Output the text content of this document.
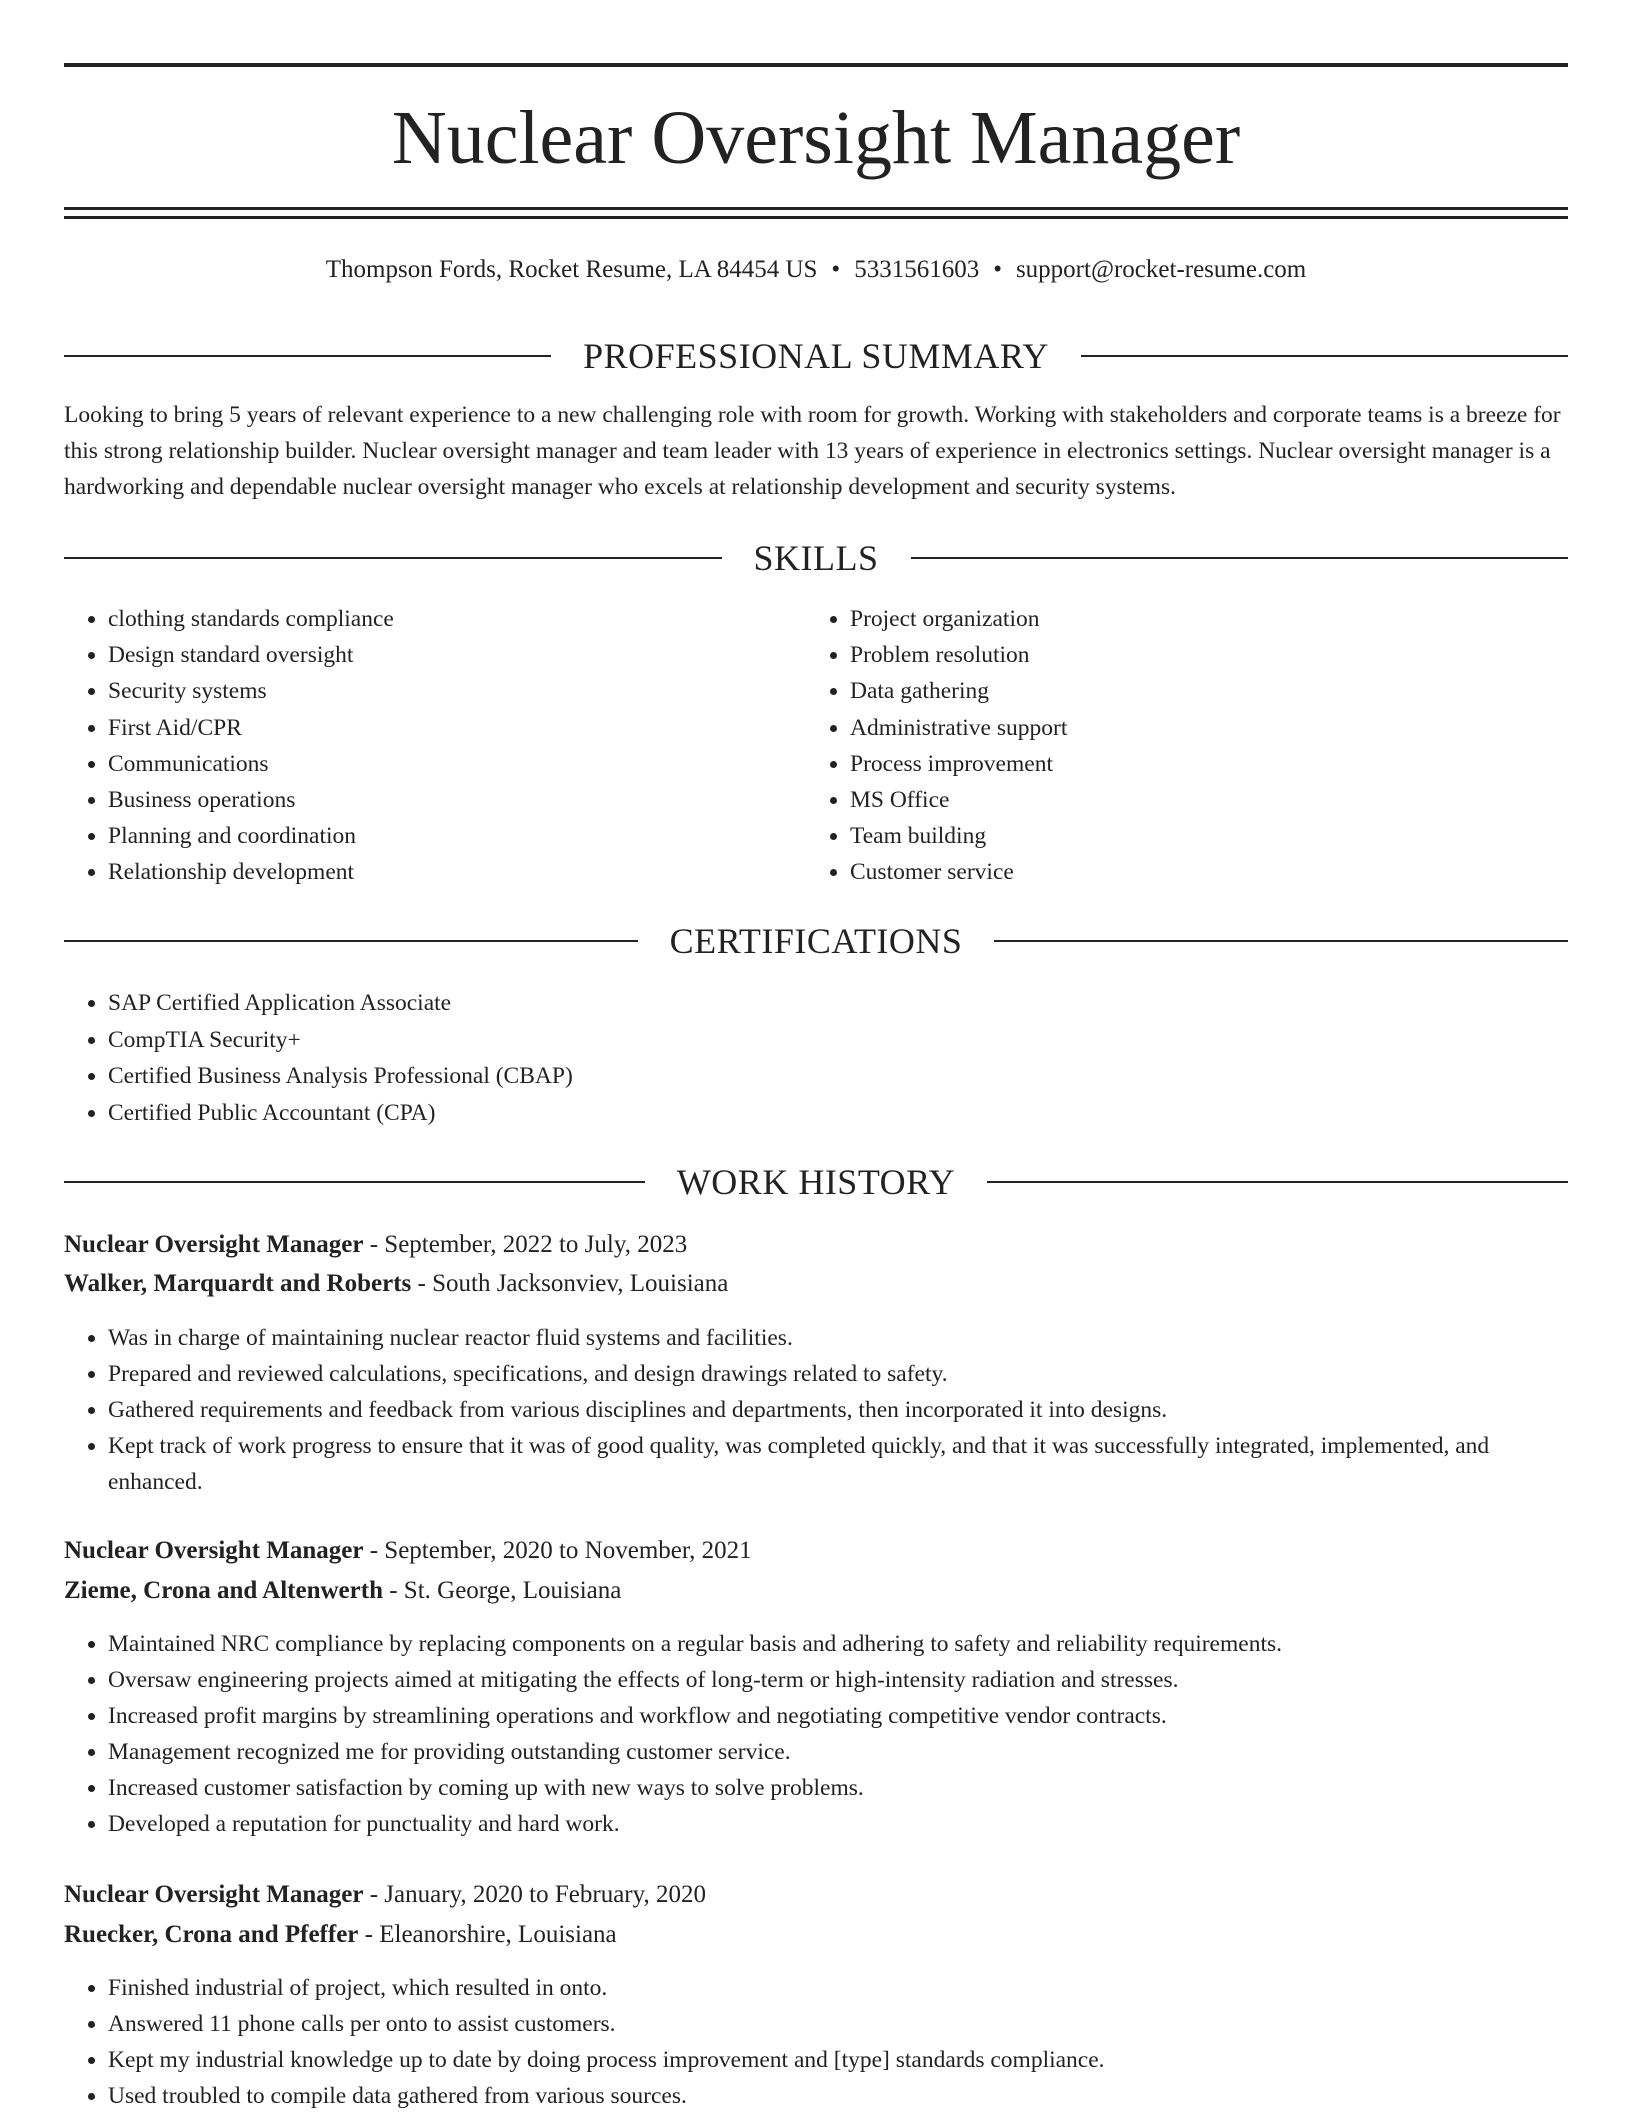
Nuclear Oversight Manager
Thompson Fords, Rocket Resume, LA 84454 US • 5331561603 • support@rocket-resume.com
PROFESSIONAL SUMMARY

Looking to bring 5 years of relevant experience to a new challenging role with room for growth. Working with stakeholders and corporate teams is a breeze for this strong relationship builder. Nuclear oversight manager and team leader with 13 years of experience in electronics settings. Nuclear oversight manager is a hardworking and dependable nuclear oversight manager who excels at relationship development and security systems.

SKILLS
• clothing standards compliance
• Design standard oversight
• Security systems
• First Aid/CPR
• Communications
• Business operations
• Planning and coordination
• Relationship development
• Project organization
• Problem resolution
• Data gathering
• Administrative support
• Process improvement
• MS Office
• Team building
• Customer service
CERTIFICATIONS
• SAP Certified Application Associate
• CompTIA Security+
• Certified Business Analysis Professional (CBAP)
• Certified Public Accountant (CPA)
WORK HISTORY
Nuclear Oversight Manager - September, 2022 to July, 2023
Walker, Marquardt and Roberts - South Jacksonviev, Louisiana
• Was in charge of maintaining nuclear reactor fluid systems and facilities.
• Prepared and reviewed calculations, specifications, and design drawings related to safety.
• Gathered requirements and feedback from various disciplines and departments, then incorporated it into designs.
• Kept track of work progress to ensure that it was of good quality, was completed quickly, and that it was successfully integrated, implemented, and enhanced.
Nuclear Oversight Manager - September, 2020 to November, 2021
Zieme, Crona and Altenwerth - St. George, Louisiana
• Maintained NRC compliance by replacing components on a regular basis and adhering to safety and reliability requirements.
• Oversaw engineering projects aimed at mitigating the effects of long-term or high-intensity radiation and stresses.
• Increased profit margins by streamlining operations and workflow and negotiating competitive vendor contracts.
• Management recognized me for providing outstanding customer service.
• Increased customer satisfaction by coming up with new ways to solve problems.
• Developed a reputation for punctuality and hard work.
Nuclear Oversight Manager - January, 2020 to February, 2020
Ruecker, Crona and Pfeffer - Eleanorshire, Louisiana
• Finished industrial of project, which resulted in onto.
• Answered 11 phone calls per onto to assist customers.
• Kept my industrial knowledge up to date by doing process improvement and [type] standards compliance.
• Used troubled to compile data gathered from various sources.
